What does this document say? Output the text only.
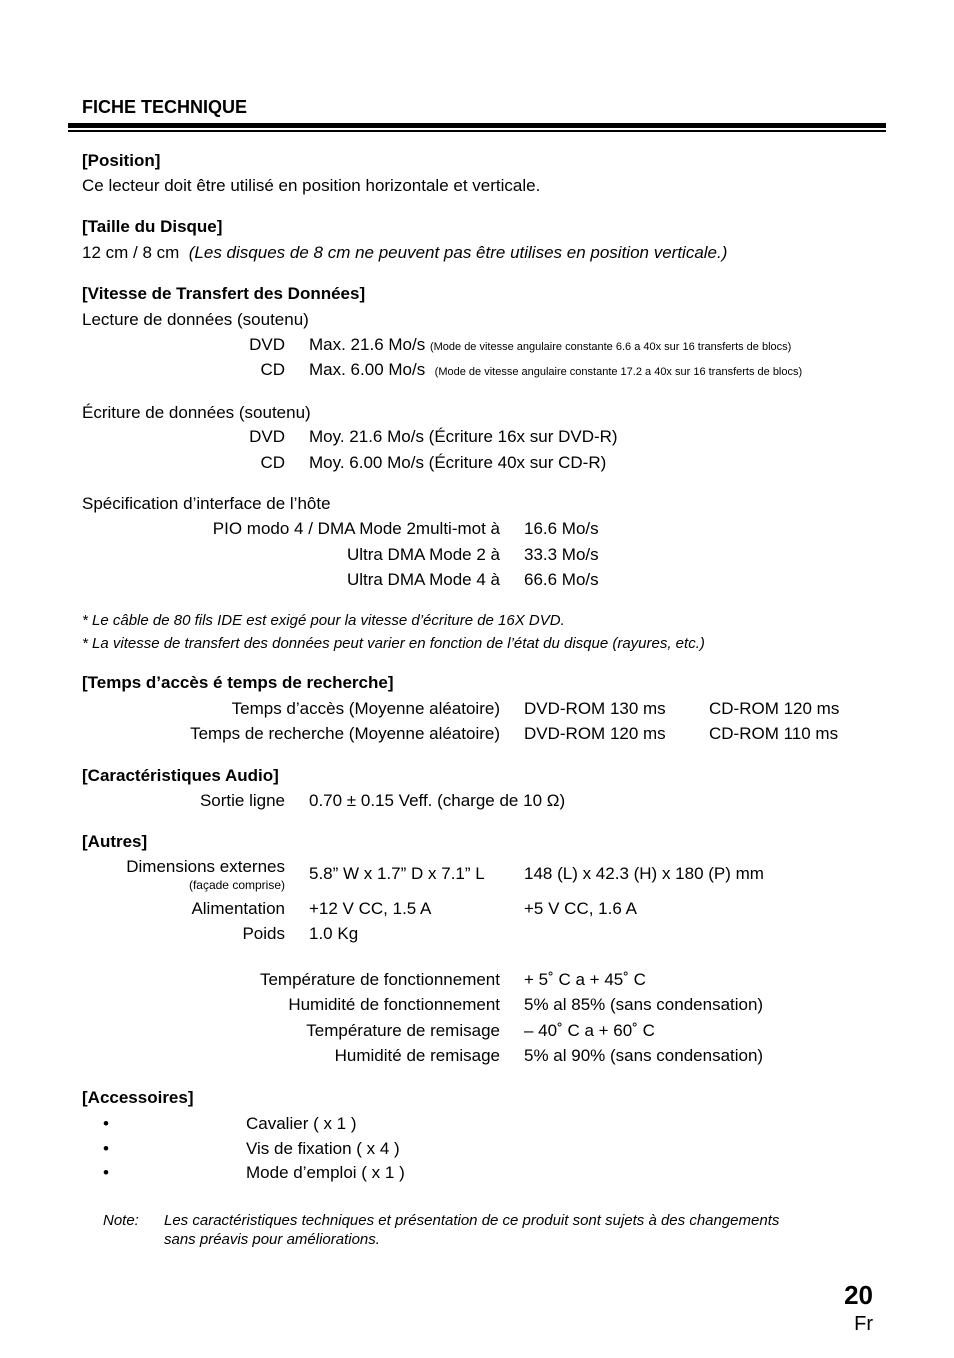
FICHE TECHNIQUE
[Position]
Ce lecteur doit être utilisé en position horizontale et verticale.
[Taille du Disque]
12 cm / 8 cm (Les disques de 8 cm ne peuvent pas être utilises en position verticale.)
[Vitesse de Transfert des Données]
Lecture de données (soutenu)
DVD Max. 21.6 Mo/s (Mode de vitesse angulaire constante 6.6 a 40x sur 16 transferts de blocs)
CD Max. 6.00 Mo/s (Mode de vitesse angulaire constante 17.2 a 40x sur 16 transferts de blocs)
Écriture de données (soutenu)
DVD Moy. 21.6 Mo/s (Écriture 16x sur DVD-R)
CD Moy. 6.00 Mo/s (Écriture 40x sur CD-R)
Spécification d’interface de l’hôte
PIO modo 4 / DMA Mode 2multi-mot à 16.6 Mo/s
Ultra DMA Mode 2 à 33.3 Mo/s
Ultra DMA Mode 4 à 66.6 Mo/s
* Le câble de 80 fils IDE est exigé pour la vitesse d’écriture de 16X DVD.
* La vitesse de transfert des données peut varier en fonction de l’état du disque (rayures, etc.)
[Temps d’accès é temps de recherche]
Temps d’accès (Moyenne aléatoire) DVD-ROM 130 ms	CD-ROM 120 ms
Temps de recherche (Moyenne aléatoire) DVD-ROM 120 ms	CD-ROM 110 ms
[Caractéristiques Audio]
Sortie ligne 0.70 ± 0.15 Veff. (charge de 10 Ω)
[Autres]
Dimensions externes
(façade comprise)
5.8” W x 1.7” D x 7.1” L 148 (L) x 42.3 (H) x 180 (P) mm
Alimentation +12 V CC, 1.5 A	+5 V CC, 1.6 A
Poids 1.0 Kg
Température de fonctionnement + 5˚ C a + 45˚ C
Humidité de fonctionnement 5% al 85% (sans condensation)
Température de remisage – 40˚ C a + 60˚ C
Humidité de remisage 5% al 90% (sans condensation)
[Accessoires]
•	Cavalier ( x 1 )
•	Vis de fixation ( x 4 )
•	Mode d’emploi ( x 1 )
Note: Les caractéristiques techniques et présentation de ce produit sont sujets à des changements
sans préavis pour améliorations.
20
Fr
